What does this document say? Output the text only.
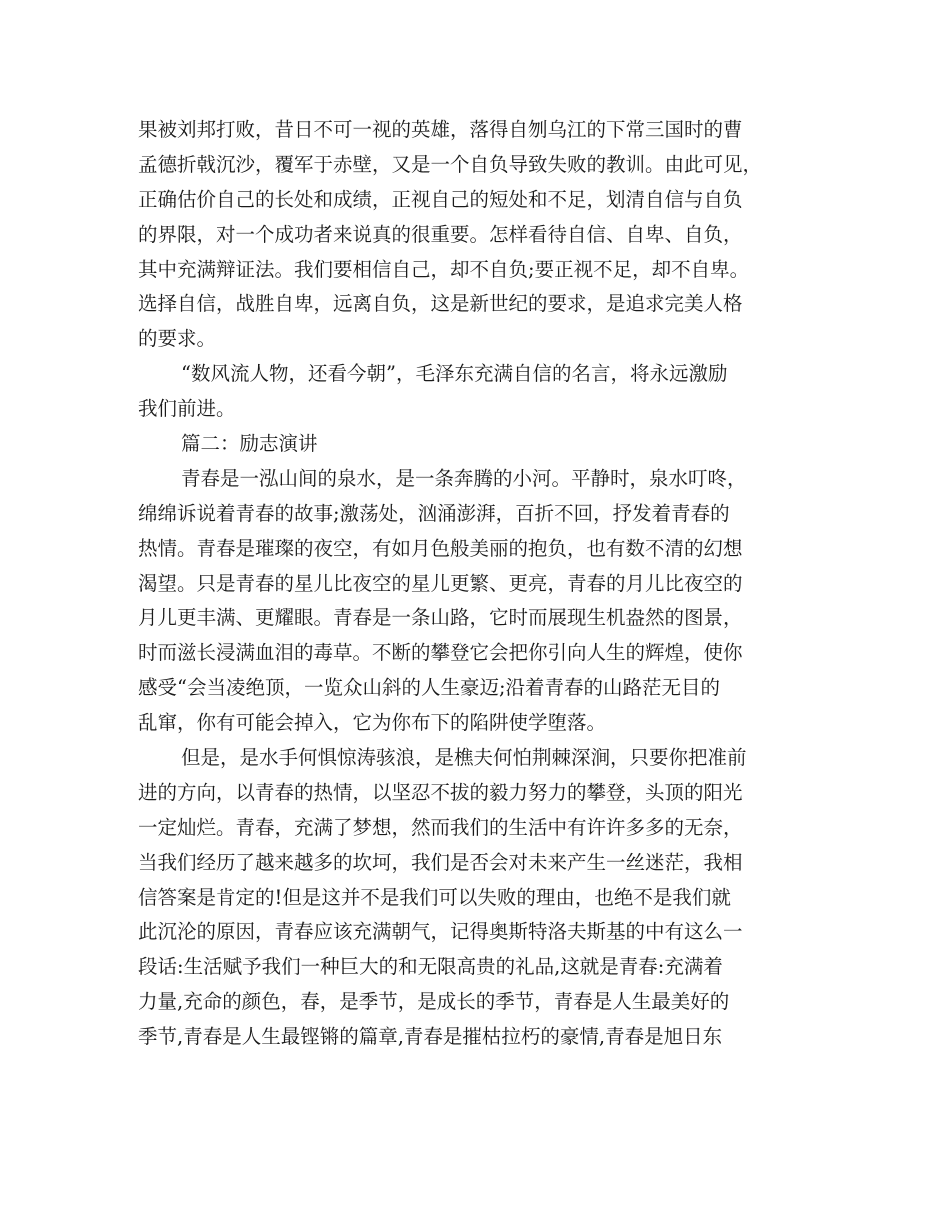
果被刘邦打败，昔日不可一视的英雄，落得自刎乌江的下常三国时的曹
孟德折戟沉沙，覆军于赤壁，又是一个自负导致失败的教训。由此可见，
正确估价自己的长处和成绩，正视自己的短处和不足，划清自信与自负
的界限，对一个成功者来说真的很重要。怎样看待自信、自卑、自负，
其中充满辩证法。我们要相信自己，却不自负;要正视不足，却不自卑。
选择自信，战胜自卑，远离自负，这是新世纪的要求，是追求完美人格
的要求。
“数风流人物，还看今朝”，毛泽东充满自信的名言，将永远激励
我们前进。
篇二：励志演讲
青春是一泓山间的泉水，是一条奔腾的小河。平静时，泉水叮咚，
绵绵诉说着青春的故事;激荡处，汹涌澎湃，百折不回，抒发着青春的
热情。青春是璀璨的夜空，有如月色般美丽的抱负，也有数不清的幻想
渴望。只是青春的星儿比夜空的星儿更繁、更亮，青春的月儿比夜空的
月儿更丰满、更耀眼。青春是一条山路，它时而展现生机盎然的图景，
时而滋长浸满血泪的毒草。不断的攀登它会把你引向人生的辉煌，使你
感受“会当凌绝顶，一览众山斜的人生豪迈;沿着青春的山路茫无目的
乱窜，你有可能会掉入，它为你布下的陷阱使学堕落。
但是，是水手何惧惊涛骇浪，是樵夫何怕荆棘深涧，只要你把准前
进的方向，以青春的热情，以坚忍不拔的毅力努力的攀登，头顶的阳光
一定灿烂。青春，充满了梦想，然而我们的生活中有许许多多的无奈，
当我们经历了越来越多的坎坷，我们是否会对未来产生一丝迷茫，我相
信答案是肯定的!但是这并不是我们可以失败的理由，也绝不是我们就
此沉沦的原因，青春应该充满朝气，记得奥斯特洛夫斯基的中有这么一
段话:生活赋予我们一种巨大的和无限高贵的礼品,这就是青春:充满着
力量,充命的颜色，春，是季节，是成长的季节，青春是人生最美好的
季节,青春是人生最铿锵的篇章,青春是摧枯拉朽的豪情,青春是旭日东
